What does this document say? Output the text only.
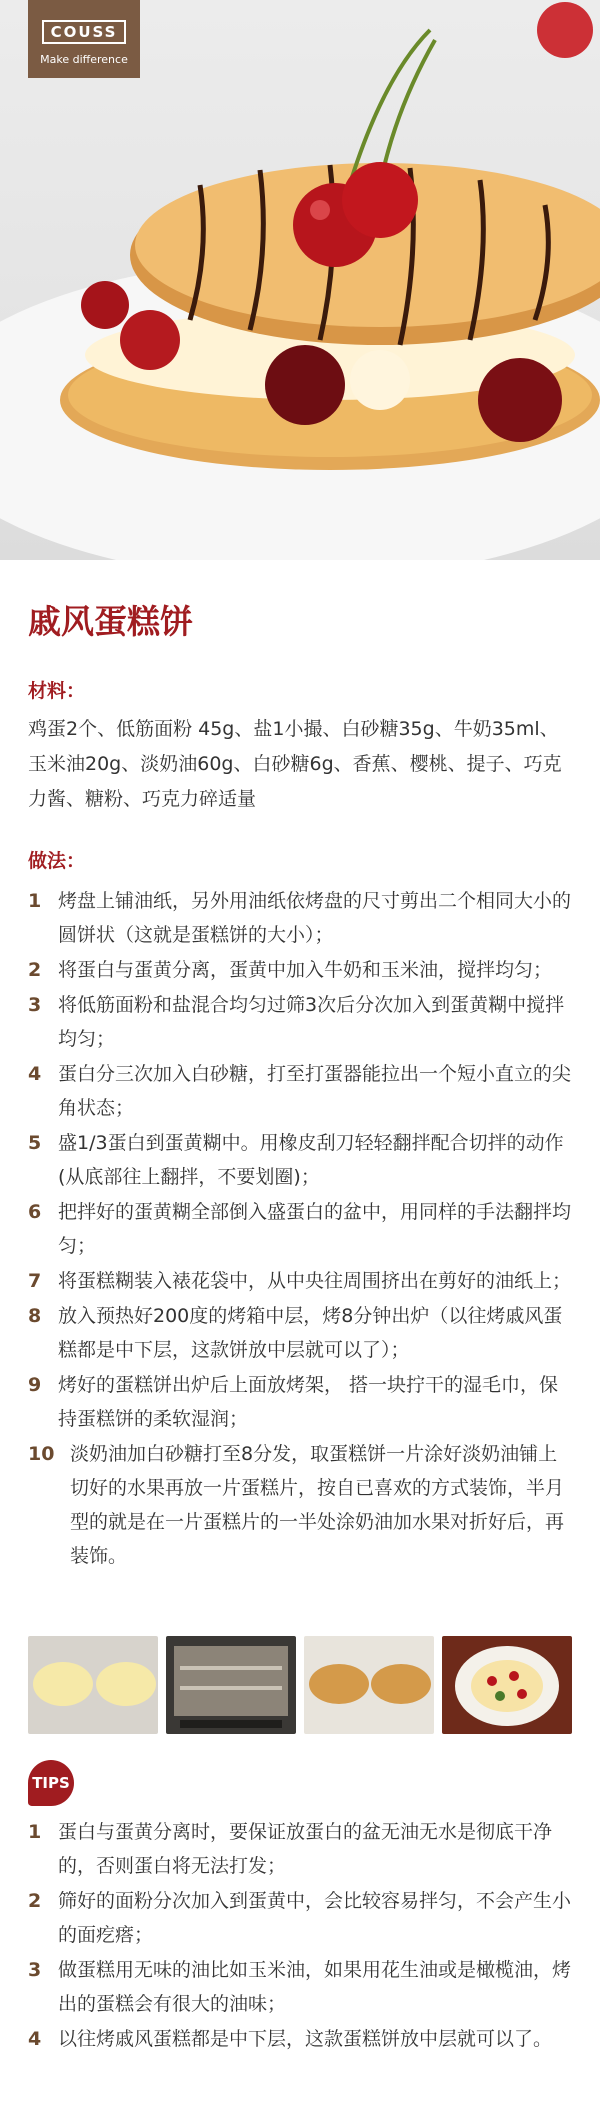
COUSS
Make difference
戚风蛋糕饼
材料：
鸡蛋2个、低筋面粉 45g、盐1小撮、白砂糖35g、牛奶35ml、玉米油20g、淡奶油60g、白砂糖6g、香蕉、樱桃、提子、巧克力酱、糖粉、巧克力碎适量
做法：
1 烤盘上铺油纸，另外用油纸依烤盘的尺寸剪出二个相同大小的圆饼状（这就是蛋糕饼的大小）；
2 将蛋白与蛋黄分离，蛋黄中加入牛奶和玉米油，搅拌均匀；
3 将低筋面粉和盐混合均匀过筛3次后分次加入到蛋黄糊中搅拌均匀；
4 蛋白分三次加入白砂糖，打至打蛋器能拉出一个短小直立的尖角状态；
5 盛1/3蛋白到蛋黄糊中。用橡皮刮刀轻轻翻拌配合切拌的动作(从底部往上翻拌，不要划圈)；
6 把拌好的蛋黄糊全部倒入盛蛋白的盆中，用同样的手法翻拌均匀；
7 将蛋糕糊装入裱花袋中，从中央往周围挤出在剪好的油纸上；
8 放入预热好200度的烤箱中层，烤8分钟出炉（以往烤戚风蛋糕都是中下层，这款饼放中层就可以了）；
9 烤好的蛋糕饼出炉后上面放烤架， 搭一块拧干的湿毛巾，保持蛋糕饼的柔软湿润；
10 淡奶油加白砂糖打至8分发，取蛋糕饼一片涂好淡奶油铺上切好的水果再放一片蛋糕片，按自已喜欢的方式装饰，半月型的就是在一片蛋糕片的一半处涂奶油加水果对折好后，再装饰。
TIPS
1 蛋白与蛋黄分离时，要保证放蛋白的盆无油无水是彻底干净的，否则蛋白将无法打发；
2 筛好的面粉分次加入到蛋黄中，会比较容易拌匀，不会产生小的面疙瘩；
3 做蛋糕用无味的油比如玉米油，如果用花生油或是橄榄油，烤出的蛋糕会有很大的油味；
4 以往烤戚风蛋糕都是中下层，这款蛋糕饼放中层就可以了。
